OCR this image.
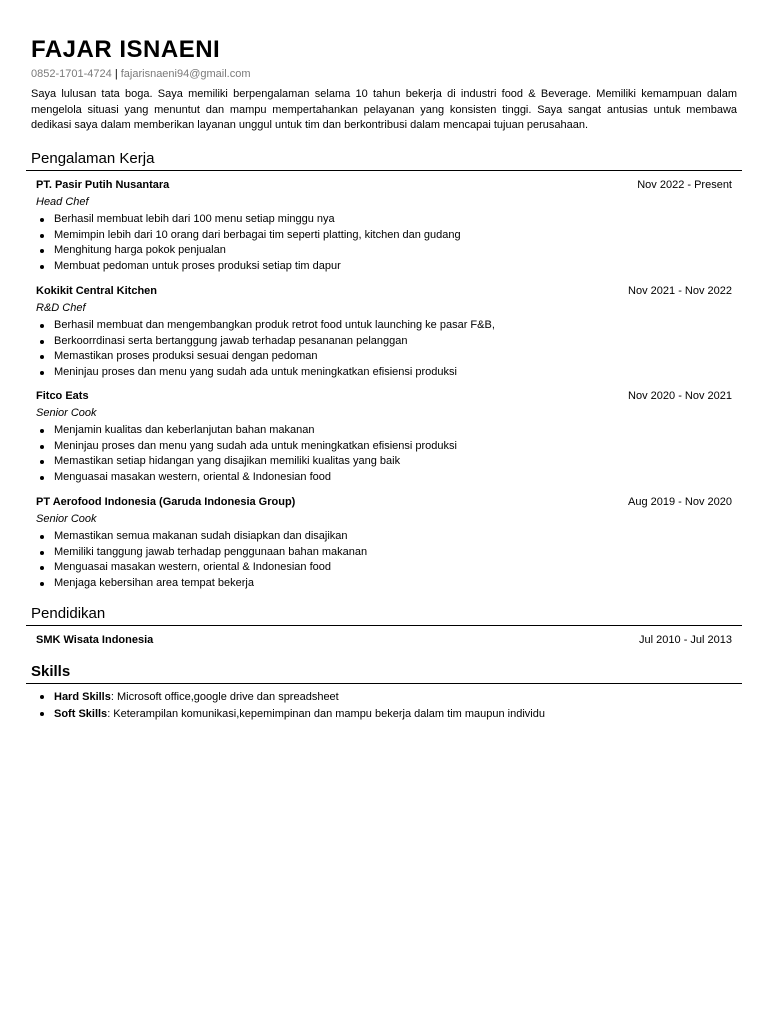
FAJAR ISNAENI
0852-1701-4724 | fajarisnaeni94@gmail.com

Saya lulusan tata boga. Saya memiliki berpengalaman selama 10 tahun bekerja di industri food & Beverage. Memiliki kemampuan dalam mengelola situasi yang menuntut dan mampu mempertahankan pelayanan yang konsisten tinggi. Saya sangat antusias untuk membawa dedikasi saya dalam memberikan layanan unggul untuk tim dan berkontribusi dalam mencapai tujuan perusahaan.

Pengalaman Kerja
PT. Pasir Putih Nusantara	Nov 2022 - Present
Head Chef
Berhasil membuat lebih dari 100 menu setiap minggu nya
Memimpin lebih dari 10 orang dari berbagai tim seperti platting, kitchen dan gudang
Menghitung harga pokok penjualan
Membuat pedoman untuk proses produksi setiap tim dapur
Kokikit Central Kitchen	Nov 2021 - Nov 2022
R&D Chef
Berhasil membuat dan mengembangkan produk retrot food untuk launching ke pasar F&B,
Berkoorrdinasi serta bertanggung jawab terhadap pesananan pelanggan
Memastikan proses produksi sesuai dengan pedoman
Meninjau proses dan menu yang sudah ada untuk meningkatkan efisiensi produksi
Fitco Eats	Nov 2020 - Nov 2021
Senior Cook
Menjamin kualitas dan keberlanjutan bahan makanan
Meninjau proses dan menu yang sudah ada untuk meningkatkan efisiensi produksi
Memastikan setiap hidangan yang disajikan memiliki kualitas yang baik
Menguasai masakan western, oriental & Indonesian food
PT Aerofood Indonesia (Garuda Indonesia Group)	Aug 2019 - Nov 2020
Senior Cook
Memastikan semua makanan sudah disiapkan dan disajikan
Memiliki tanggung jawab terhadap penggunaan bahan makanan
Menguasai masakan western, oriental & Indonesian food
Menjaga kebersihan area tempat bekerja
Pendidikan
SMK Wisata Indonesia	Jul 2010 - Jul 2013
Skills
Hard Skills: Microsoft office,google drive dan spreadsheet
Soft Skills: Keterampilan komunikasi,kepemimpinan dan mampu bekerja dalam tim maupun individu
